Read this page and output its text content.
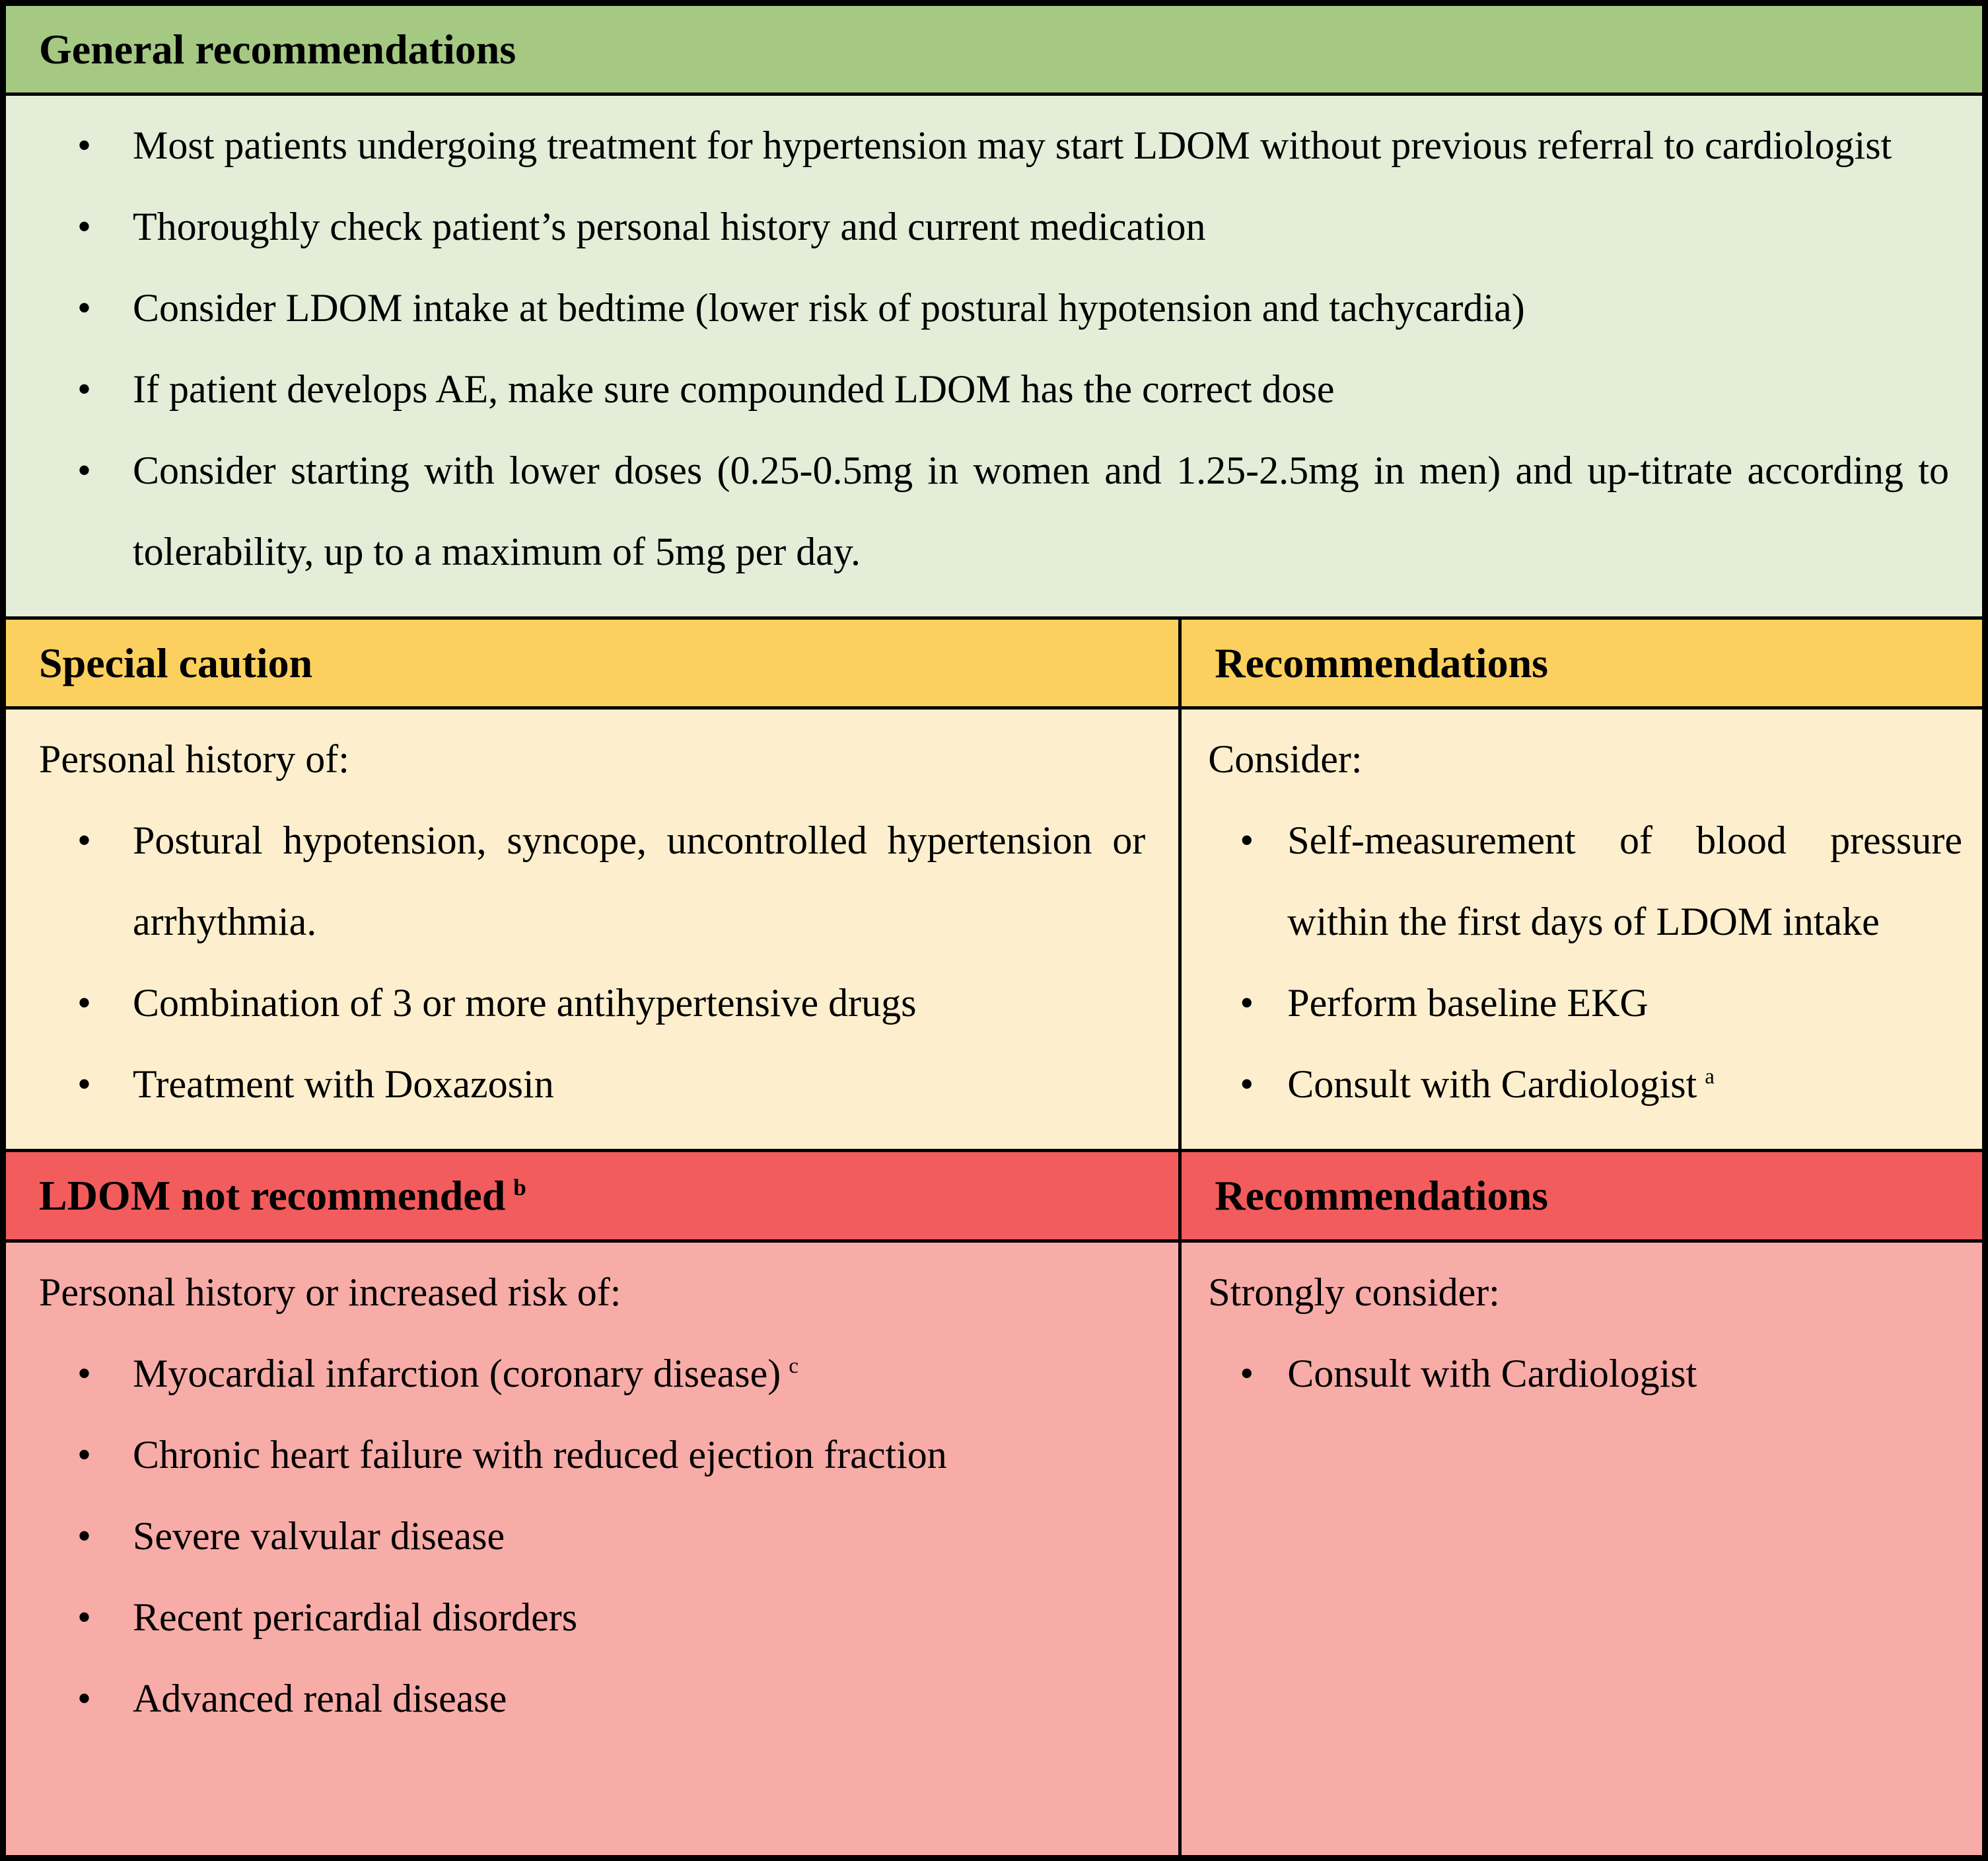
General recommendations
• Most patients undergoing treatment for hypertension may start LDOM without previous referral to cardiologist
• Thoroughly check patient’s personal history and current medication
• Consider LDOM intake at bedtime (lower risk of postural hypotension and tachycardia)
• If patient develops AE, make sure compounded LDOM has the correct dose
• Consider starting with lower doses (0.25-0.5mg in women and 1.25-2.5mg in men) and up-titrate according to tolerability, up to a maximum of 5mg per day.
Special caution	Recommendations

Personal history of:

• Postural hypotension, syncope, uncontrolled hypertension or arrhythmia.
• Combination of 3 or more antihypertensive drugs
• Treatment with Doxazosin

Consider:

• Self-measurement of blood pressure within the first days of LDOM intake
• Perform baseline EKG
• Consult with Cardiologist $^a$
LDOM not recommended $^b$	Recommendations

Personal history or increased risk of:

• Myocardial infarction (coronary disease) $^c$
• Chronic heart failure with reduced ejection fraction
• Severe valvular disease
• Recent pericardial disorders
• Advanced renal disease

Strongly consider:

• Consult with Cardiologist
